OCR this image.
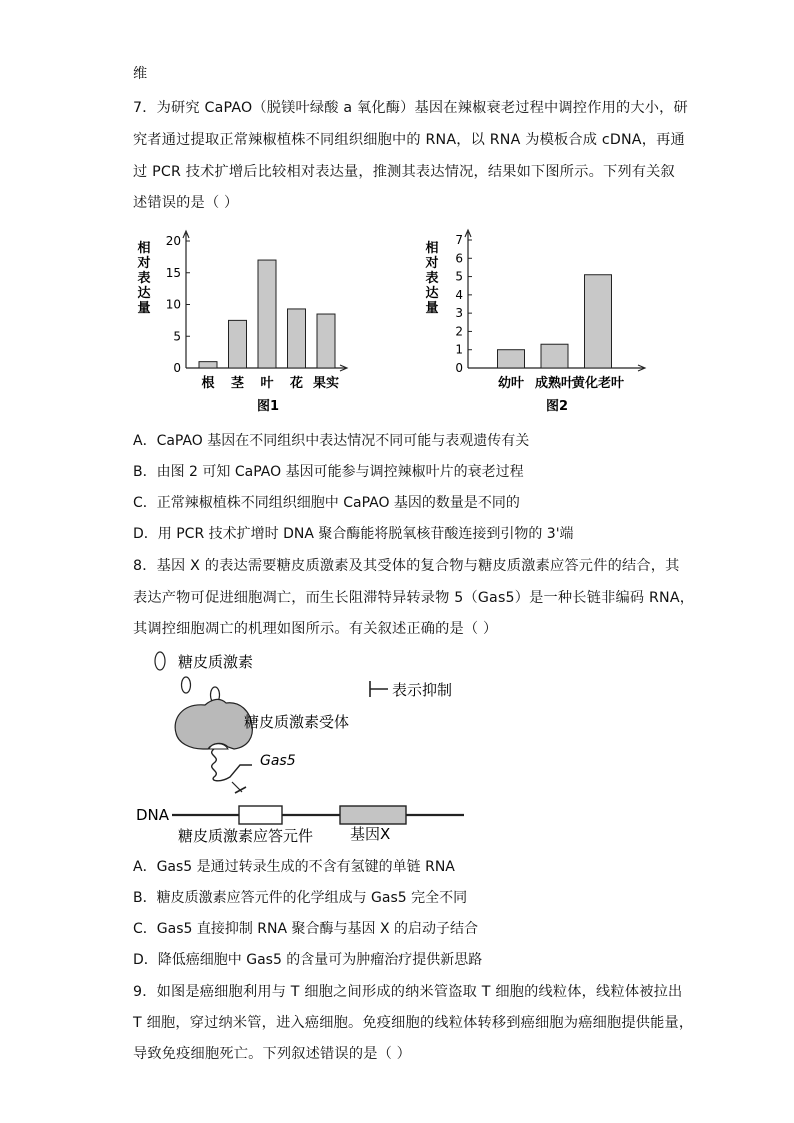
维
7．为研究 CaPAO（脱镁叶绿酸 a 氧化酶）基因在辣椒衰老过程中调控作用的大小，研
究者通过提取正常辣椒植株不同组织细胞中的 RNA，以 RNA 为模板合成 cDNA，再通
过 PCR 技术扩增后比较相对表达量，推测其表达情况，结果如下图所示。下列有关叙
述错误的是（ ）
0
5
10
15
20
相
对
表
达
量
根 茎 叶 花 果实
图1
0
1
2
3
4
5
6
7
相
对
表
达
量
幼叶 成熟叶
黄化老叶
图2
A．CaPAO 基因在不同组织中表达情况不同可能与表观遗传有关
B．由图 2 可知 CaPAO 基因可能参与调控辣椒叶片的衰老过程
C．正常辣椒植株不同组织细胞中 CaPAO 基因的数量是不同的
D．用 PCR 技术扩增时 DNA 聚合酶能将脱氧核苷酸连接到引物的 3'端
8．基因 X 的表达需要糖皮质激素及其受体的复合物与糖皮质激素应答元件的结合，其
表达产物可促进细胞凋亡，而生长阻滞特异转录物 5（Gas5）是一种长链非编码 RNA，
其调控细胞凋亡的机理如图所示。有关叙述正确的是（ ）
糖皮质激素
表示抑制
糖皮质激素受体
Gas5
DNA
糖皮质激素应答元件 基因X
A．Gas5 是通过转录生成的不含有氢键的单链 RNA
B．糖皮质激素应答元件的化学组成与 Gas5 完全不同
C．Gas5 直接抑制 RNA 聚合酶与基因 X 的启动子结合
D．降低癌细胞中 Gas5 的含量可为肿瘤治疗提供新思路
9．如图是癌细胞利用与 T 细胞之间形成的纳米管盗取 T 细胞的线粒体，线粒体被拉出
T 细胞，穿过纳米管，进入癌细胞。免疫细胞的线粒体转移到癌细胞为癌细胞提供能量，
导致免疫细胞死亡。下列叙述错误的是（ ）
